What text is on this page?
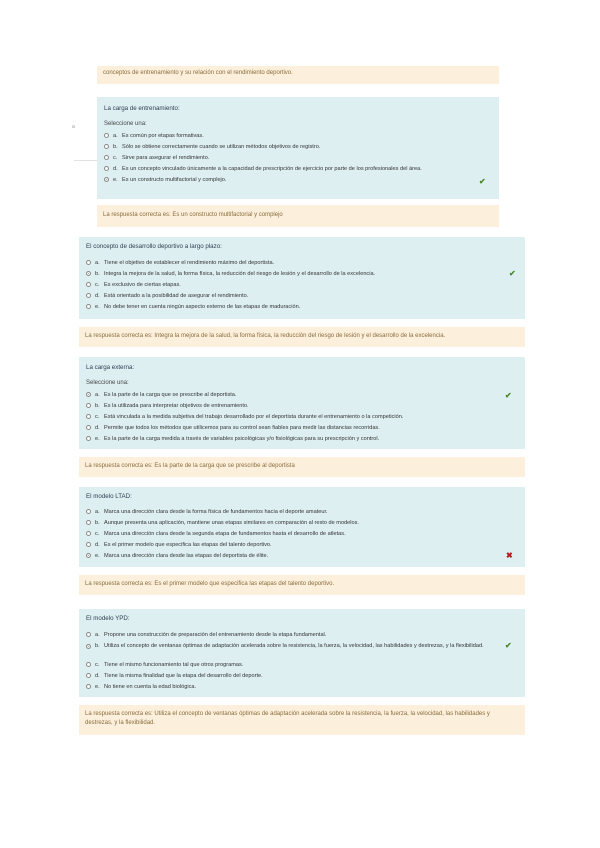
conceptos de entrenamiento y su relación con el rendimiento deportivo.
a
La carga de entrenamiento:
Seleccione una:
a. Es común por etapas formativas.
b. Sólo se obtiene correctamente cuando se utilizan métodos objetivos de registro.
c. Sirve para asegurar el rendimiento.
d. Es un concepto vinculado únicamente a la capacidad de prescripción de ejercicio por parte de los profesionales del área.
e. Es un constructo multifactorial y complejo.	✔
La respuesta correcta es: Es un constructo multifactorial y complejo
El concepto de desarrollo deportivo a largo plazo:
a. Tiene el objetivo de establecer el rendimiento máximo del deportista.
b. Integra la mejora de la salud, la forma física, la reducción del riesgo de lesión y el desarrollo de la excelencia.
c. Es exclusivo de ciertas etapas.
d. Está orientado a la posibilidad de asegurar el rendimiento.
e. No debe tener en cuenta ningún aspecto externo de las etapas de maduración.
✔
La respuesta correcta es: Integra la mejora de la salud, la forma física, la reducción del riesgo de lesión y el desarrollo de la excelencia.
La carga externa:
Seleccione una:
a. Es la parte de la carga que se prescribe al deportista.
b. Es la utilizada para interpretar objetivos de entrenamiento.
c. Está vinculada a la medida subjetiva del trabajo desarrollado por el deportista durante el entrenamiento o la competición.
d. Permite que todos los métodos que utilicemos para su control sean fiables para medir las distancias recorridas.
e. Es la parte de la carga medida a través de variables psicológicas y/o fisiológicas para su prescripción y control.
✔
La respuesta correcta es: Es la parte de la carga que se prescribe al deportista
El modelo LTAD:
a. Marca una dirección clara desde la forma física de fundamentos hacia el deporte amateur.
b. Aunque presenta una aplicación, mantiene unas etapas similares en comparación al resto de modelos.
c. Marca una dirección clara desde la segunda etapa de fundamentos hasta el desarrollo de atletas.
d. Es el primer modelo que especifica las etapas del talento deportivo.
e. Marca una dirección clara desde las etapas del deportista de élite.	✖
La respuesta correcta es: Es el primer modelo que especifica las etapas del talento deportivo.
El modelo YPD:
a. Propone una construcción de preparación del entrenamiento desde la etapa fundamental.
b. Utiliza el concepto de ventanas óptimas de adaptación acelerada sobre la resistencia, la fuerza, la velocidad, las habilidades y destrezas, y la flexibilidad.
c. Tiene el mismo funcionamiento tal que otros programas.
d. Tiene la misma finalidad que la etapa del desarrollo del deporte.
e. No tiene en cuenta la edad biológica.
✔
La respuesta correcta es: Utiliza el concepto de ventanas óptimas de adaptación acelerada sobre la resistencia, la fuerza, la velocidad, las habilidades y destrezas, y la flexibilidad.
